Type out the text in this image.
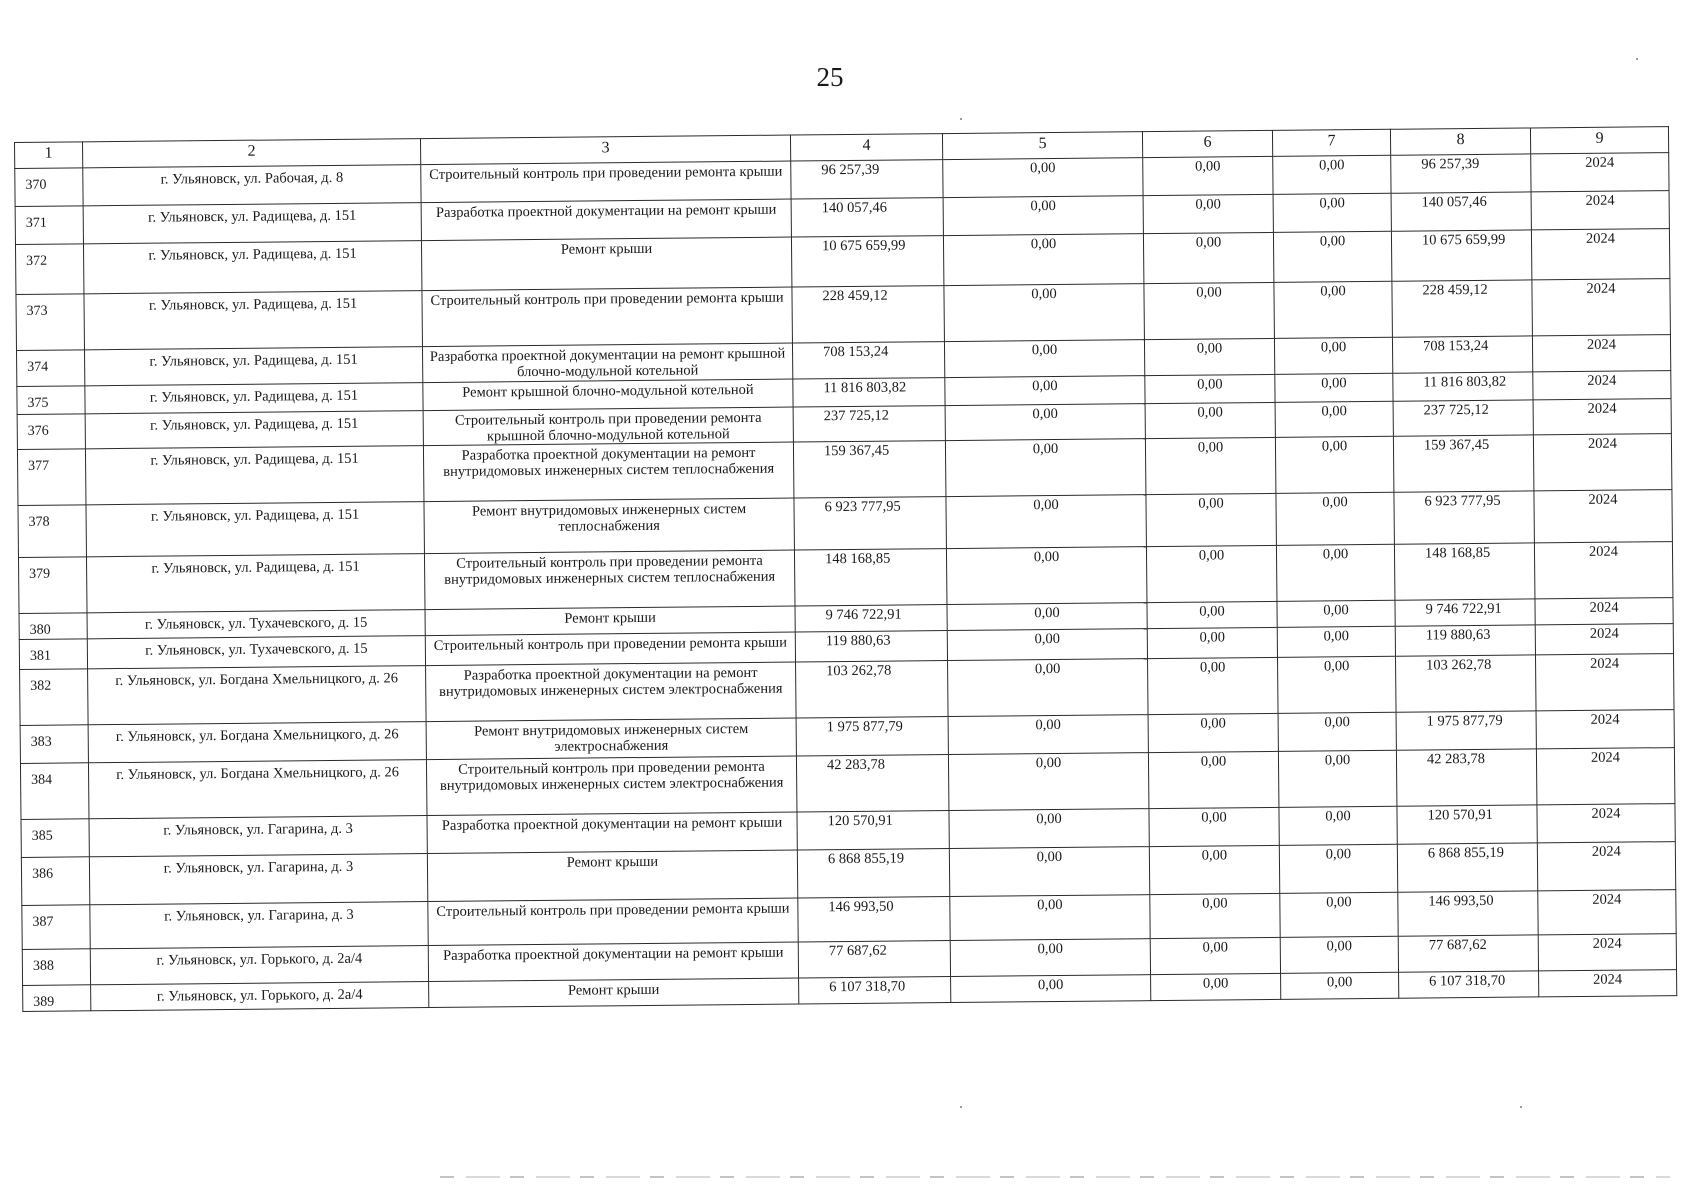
25
1	2	3	4	5	6	7	8	9
370	г. Ульяновск, ул. Рабочая, д. 8	Строительный контроль при проведении ремонта крыши	96 257,39	0,00	0,00	0,00	96 257,39	2024
371	г. Ульяновск, ул. Радищева, д. 151	Разработка проектной документации на ремонт крыши	140 057,46	0,00	0,00	0,00	140 057,46	2024
372	г. Ульяновск, ул. Радищева, д. 151	Ремонт крыши	10 675 659,99	0,00	0,00	0,00	10 675 659,99	2024
373	г. Ульяновск, ул. Радищева, д. 151	Строительный контроль при проведении ремонта крыши	228 459,12	0,00	0,00	0,00	228 459,12	2024
374	г. Ульяновск, ул. Радищева, д. 151	Разработка проектной документации на ремонт крышной блочно-модульной котельной	708 153,24	0,00	0,00	0,00	708 153,24	2024
375	г. Ульяновск, ул. Радищева, д. 151	Ремонт крышной блочно-модульной котельной	11 816 803,82	0,00	0,00	0,00	11 816 803,82	2024
376	г. Ульяновск, ул. Радищева, д. 151	Строительный контроль при проведении ремонта крышной блочно-модульной котельной	237 725,12	0,00	0,00	0,00	237 725,12	2024
377	г. Ульяновск, ул. Радищева, д. 151	Разработка проектной документации на ремонт внутридомовых инженерных систем теплоснабжения	159 367,45	0,00	0,00	0,00	159 367,45	2024
378	г. Ульяновск, ул. Радищева, д. 151	Ремонт внутридомовых инженерных систем теплоснабжения	6 923 777,95	0,00	0,00	0,00	6 923 777,95	2024
379	г. Ульяновск, ул. Радищева, д. 151	Строительный контроль при проведении ремонта внутридомовых инженерных систем теплоснабжения	148 168,85	0,00	0,00	0,00	148 168,85	2024
380	г. Ульяновск, ул. Тухачевского, д. 15	Ремонт крыши	9 746 722,91	0,00	0,00	0,00	9 746 722,91	2024
381	г. Ульяновск, ул. Тухачевского, д. 15	Строительный контроль при проведении ремонта крыши	119 880,63	0,00	0,00	0,00	119 880,63	2024
382	г. Ульяновск, ул. Богдана Хмельницкого, д. 26	Разработка проектной документации на ремонт внутридомовых инженерных систем электроснабжения	103 262,78	0,00	0,00	0,00	103 262,78	2024
383	г. Ульяновск, ул. Богдана Хмельницкого, д. 26	Ремонт внутридомовых инженерных систем электроснабжения	1 975 877,79	0,00	0,00	0,00	1 975 877,79	2024
384	г. Ульяновск, ул. Богдана Хмельницкого, д. 26	Строительный контроль при проведении ремонта внутридомовых инженерных систем электроснабжения	42 283,78	0,00	0,00	0,00	42 283,78	2024
385	г. Ульяновск, ул. Гагарина, д. 3	Разработка проектной документации на ремонт крыши	120 570,91	0,00	0,00	0,00	120 570,91	2024
386	г. Ульяновск, ул. Гагарина, д. 3	Ремонт крыши	6 868 855,19	0,00	0,00	0,00	6 868 855,19	2024
387	г. Ульяновск, ул. Гагарина, д. 3	Строительный контроль при проведении ремонта крыши	146 993,50	0,00	0,00	0,00	146 993,50	2024
388	г. Ульяновск, ул. Горького, д. 2а/4	Разработка проектной документации на ремонт крыши	77 687,62	0,00	0,00	0,00	77 687,62	2024
389	г. Ульяновск, ул. Горького, д. 2а/4	Ремонт крыши	6 107 318,70	0,00	0,00	0,00	6 107 318,70	2024
